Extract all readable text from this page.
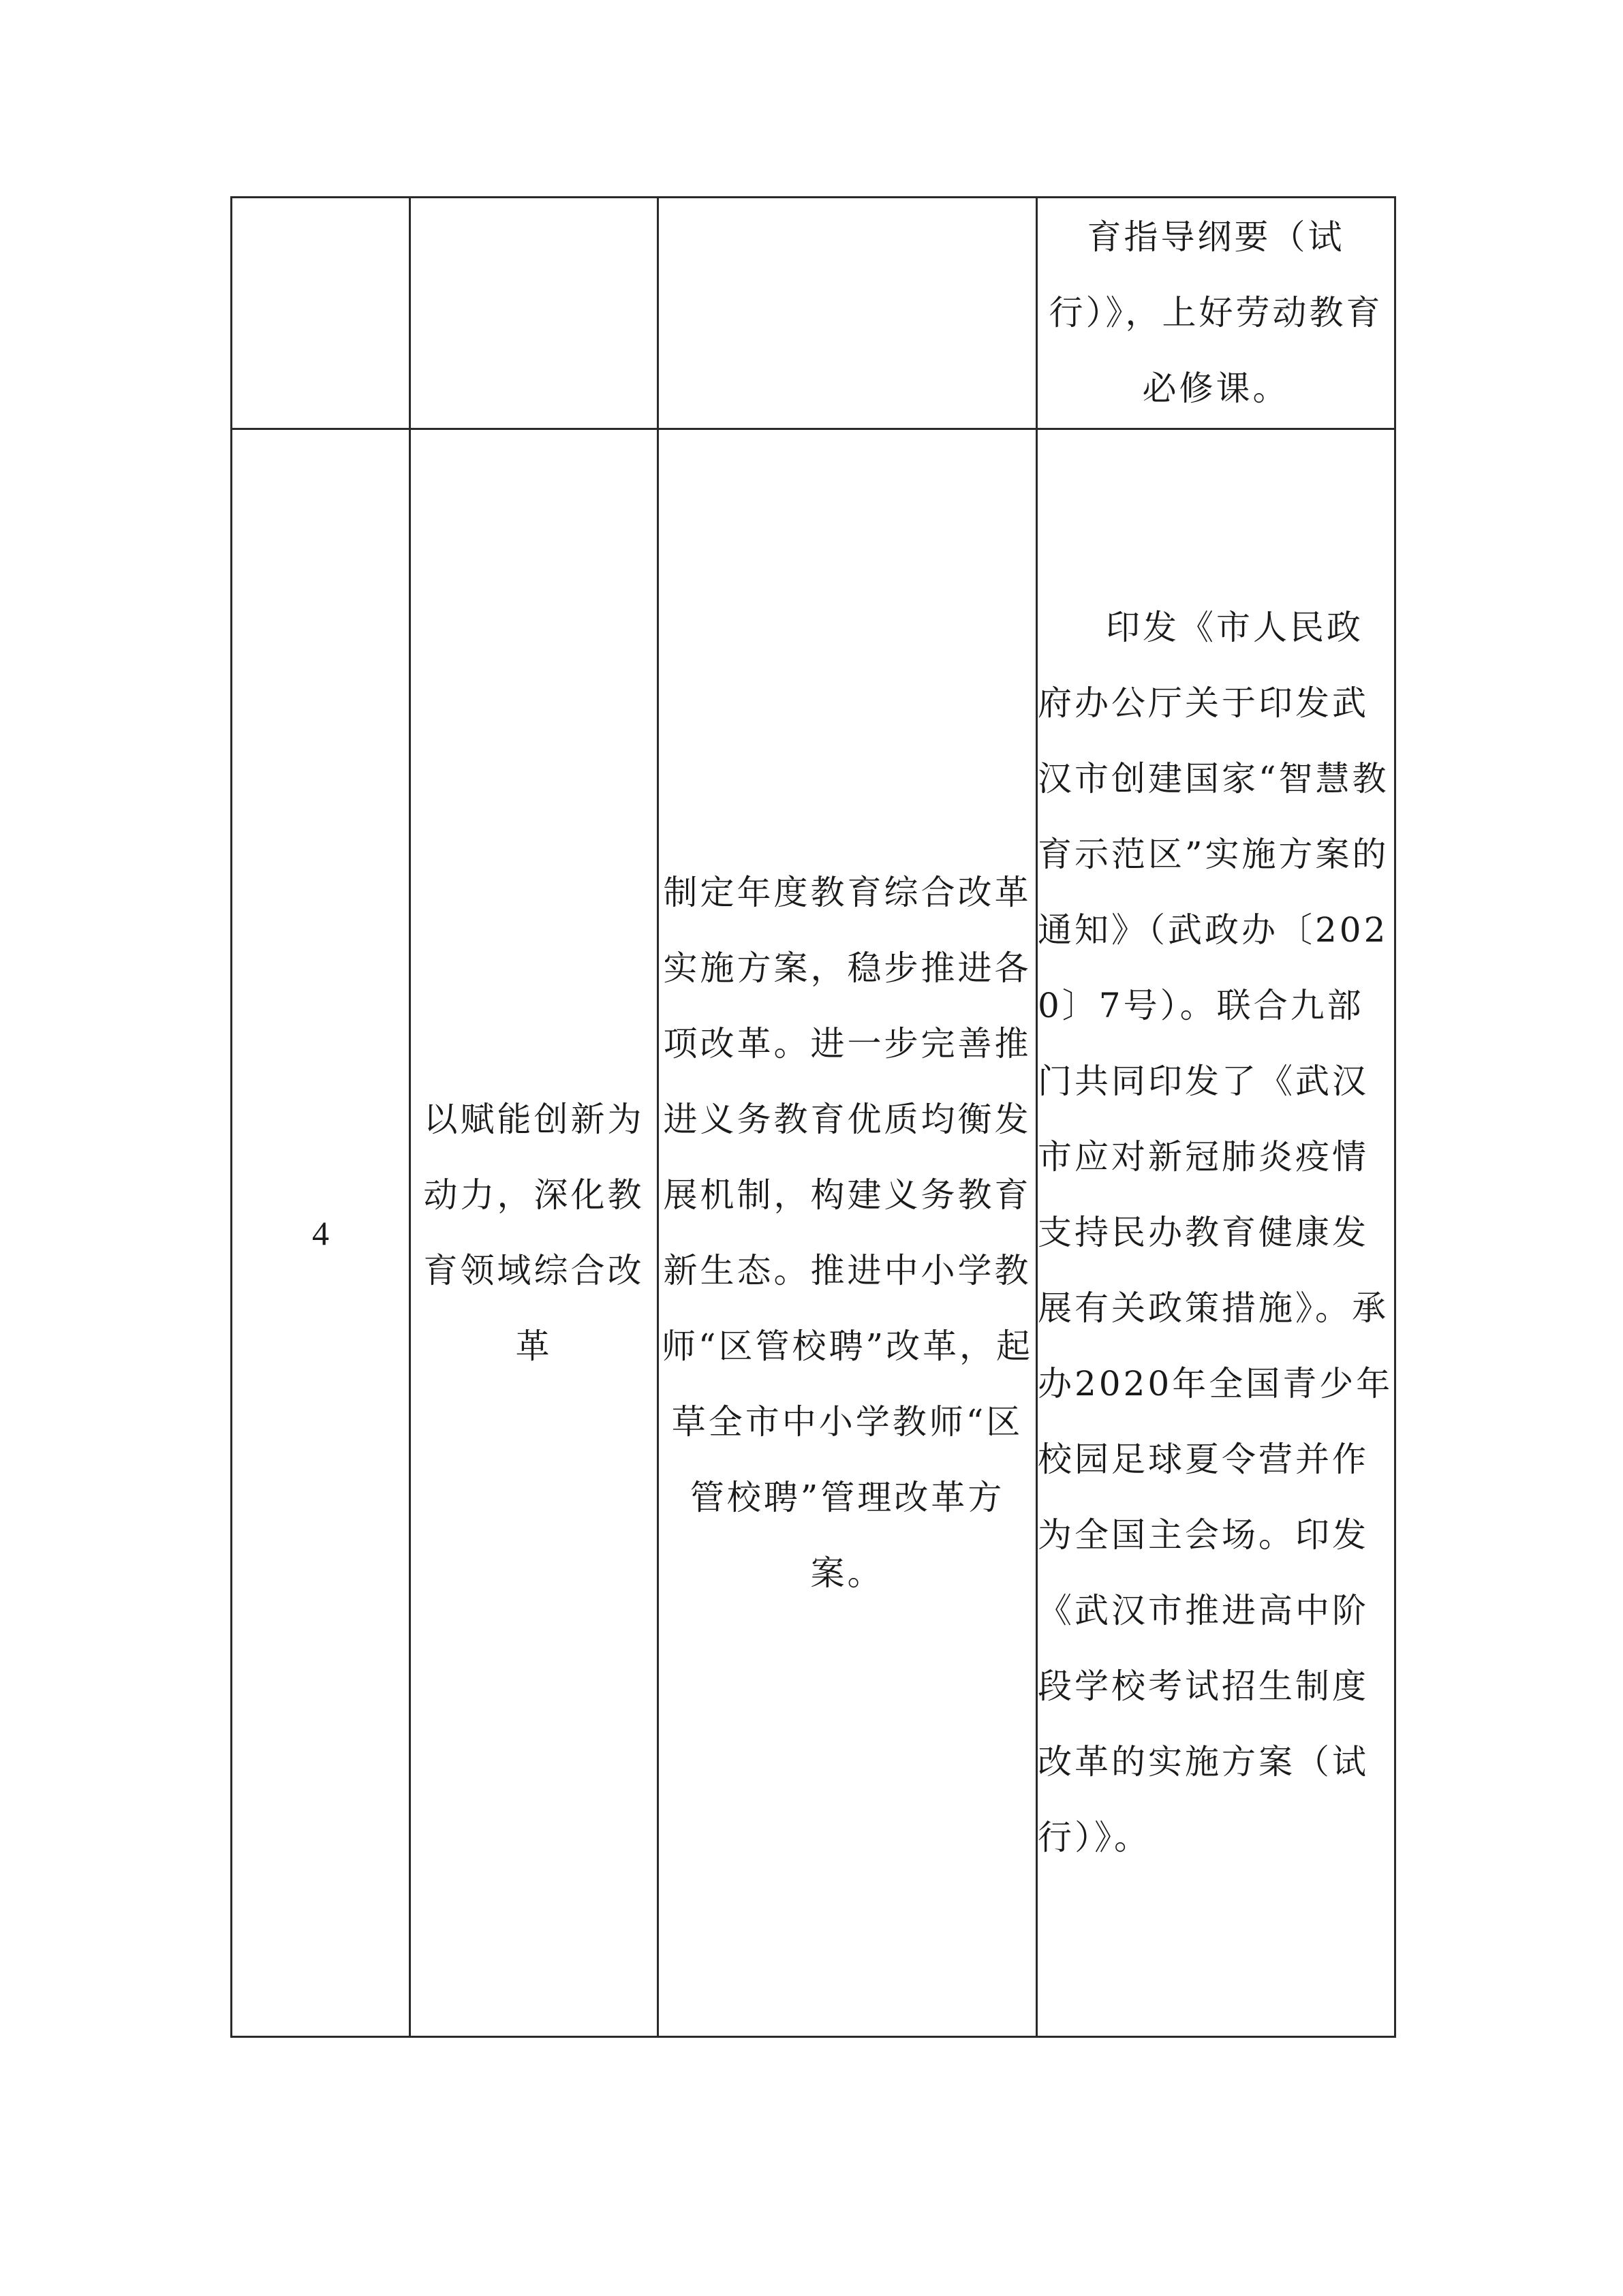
			育指导纲要（试行）》，上好劳动教育必修课。

4	以赋能创新为动力，深化教育领域综合改革	制定年度教育综合改革实施方案，稳步推进各项改革。进一步完善推进义务教育优质均衡发展机制，构建义务教育新生态。推进中小学教师“区管校聘”改革，起草全市中小学教师“区管校聘”管理改革方案。	印发《市人民政府办公厅关于印发武汉市创建国家“智慧教育示范区”实施方案的通知》（武政办〔2020〕7号）。联合九部门共同印发了《武汉市应对新冠肺炎疫情支持民办教育健康发展有关政策措施》。承办2020年全国青少年校园足球夏令营并作为全国主会场。印发《武汉市推进高中阶段学校考试招生制度改革的实施方案（试行）》。
